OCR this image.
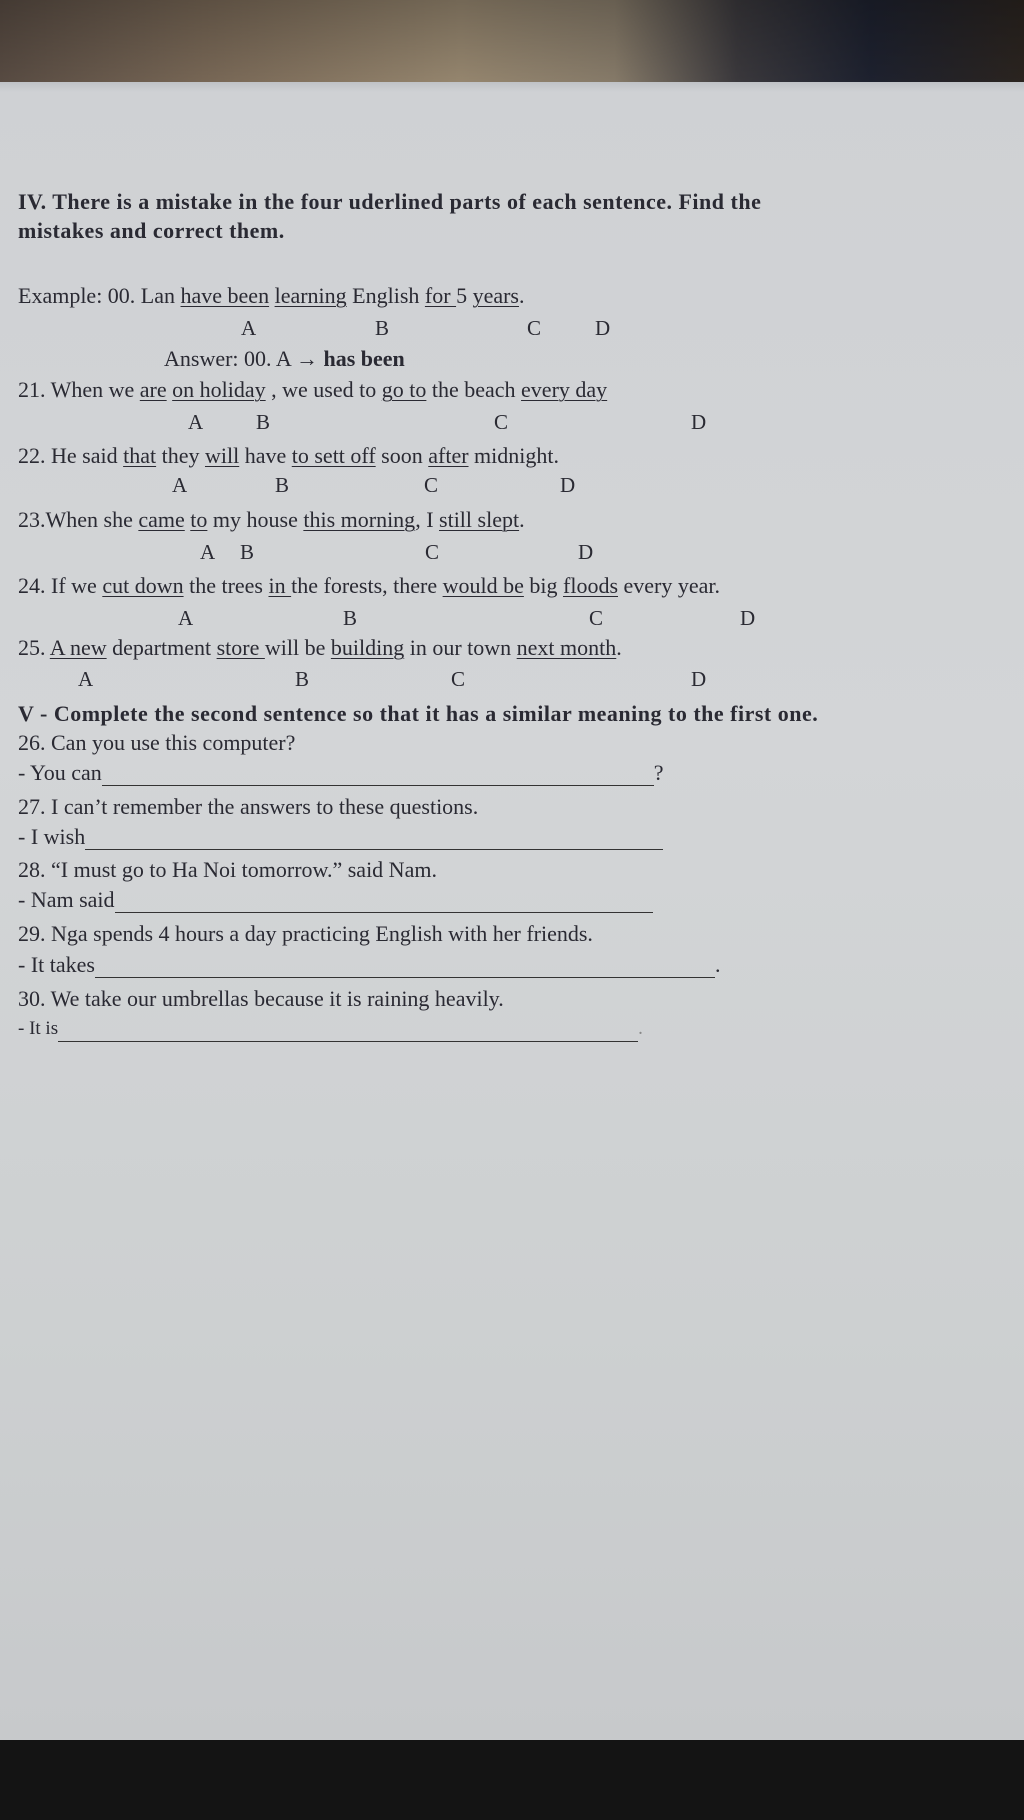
IV. There is a mistake in the four uderlined parts of each sentence. Find the
mistakes and correct them.
Example: 00. Lan have been learning English for 5 years.
A	B	C	D
Answer: 00. A → has been
21. When we are on holiday , we used to go to the beach every day
A	B	C	D
22. He said that they will have to sett off soon after midnight.
A	B	C	D
23.When she came to my house this morning, I still slept.
A B	C	D
24. If we cut down the trees in the forests, there would be big floods every year.
A	B	C	D
25. A new department store will be building in our town next month.
A	B	C	D
V - Complete the second sentence so that it has a similar meaning to the first one.
26. Can you use this computer?
- You can	?
27. I can’t remember the answers to these questions.
- I wish
28. “I must go to Ha Noi tomorrow.” said Nam.
- Nam said
29. Nga spends 4 hours a day practicing English with her friends.
- It takes	.
30. We take our umbrellas because it is raining heavily.
- It is	.
